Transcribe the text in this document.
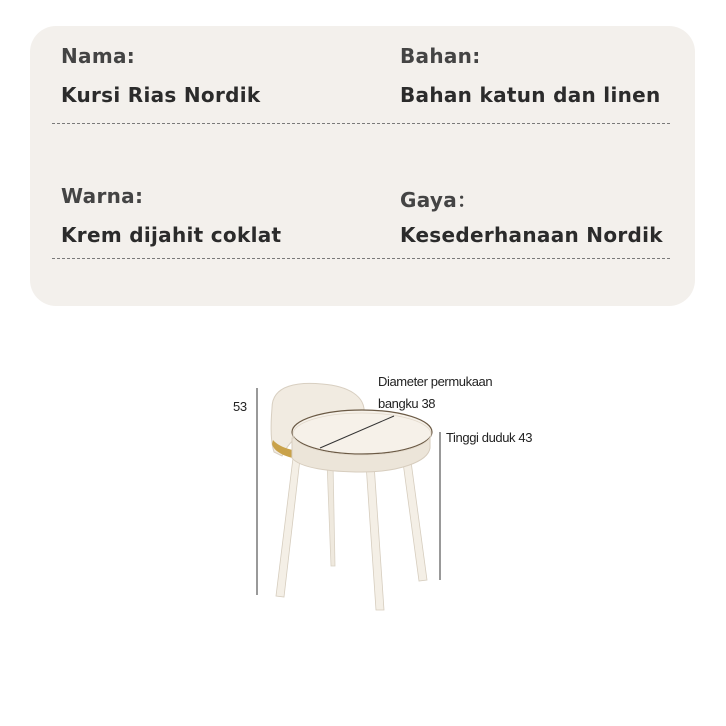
Nama:
Kursi Rias Nordik
Bahan:
Bahan katun dan linen
Warna:
Krem dijahit coklat
Gaya：
Kesederhanaan Nordik
53
Diameter permukaan
bangku 38
Tinggi duduk 43
